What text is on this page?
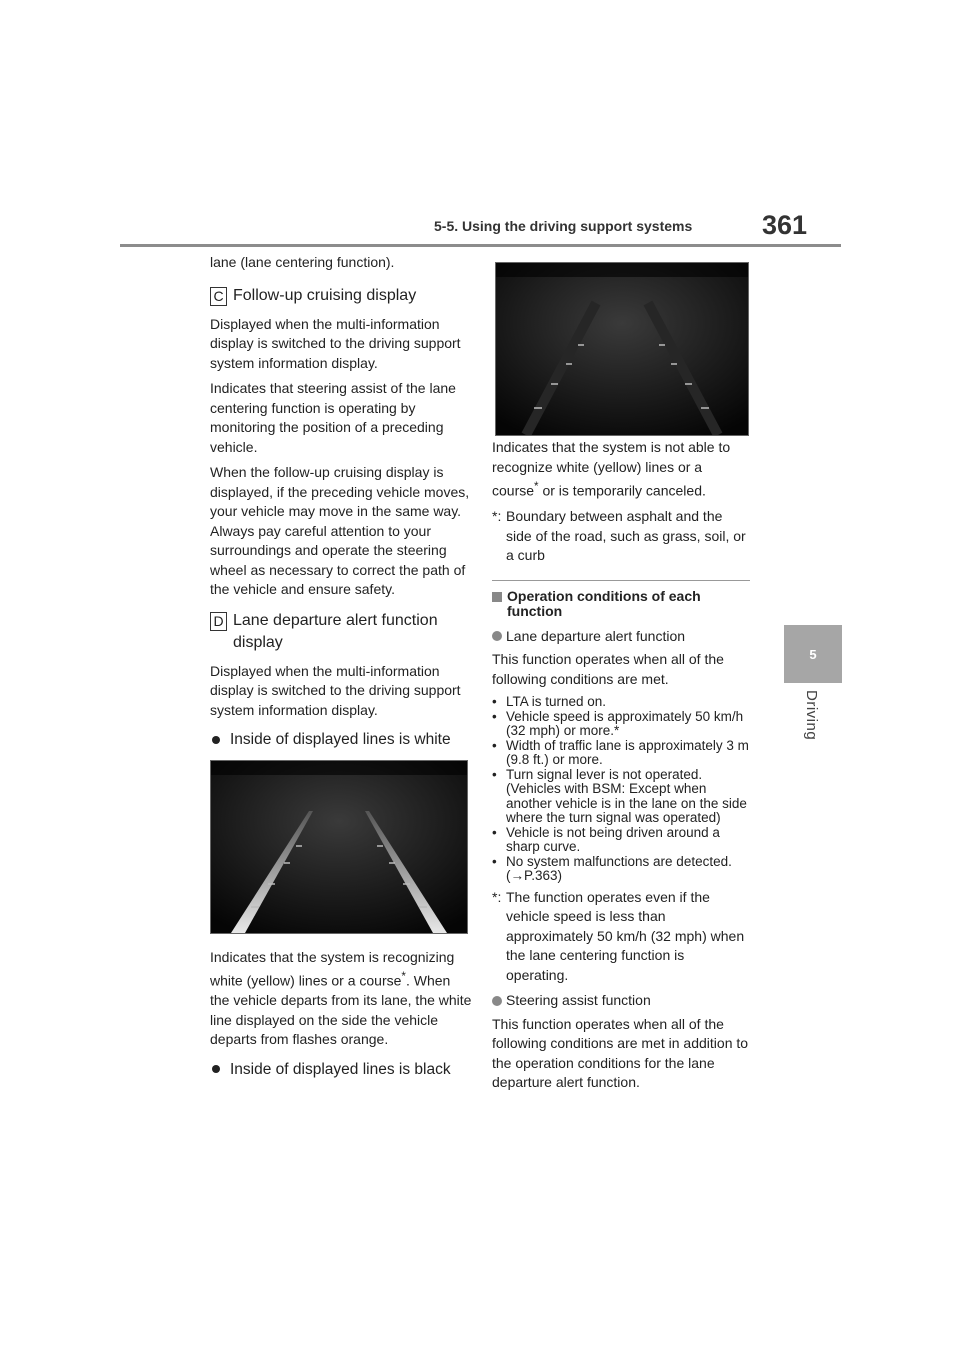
5-5. Using the driving support systems	361
5
Driving

lane (lane centering function).

C Follow-up cruising display

Displayed when the multi-information display is switched to the driving support system information display.

Indicates that steering assist of the lane centering function is operating by monitoring the position of a preceding vehicle.

When the follow-up cruising display is displayed, if the preceding vehicle moves, your vehicle may move in the same way. Always pay careful attention to your surroundings and operate the steering wheel as necessary to correct the path of the vehicle and ensure safety.

D Lane departure alert function display

Displayed when the multi-information display is switched to the driving support system information display.

Inside of displayed lines is white

Indicates that the system is recognizing white (yellow) lines or a course*. When the vehicle departs from its lane, the white line displayed on the side the vehicle departs from flashes orange.

Inside of displayed lines is black

Indicates that the system is not able to recognize white (yellow) lines or a course* or is temporarily canceled.

*: Boundary between asphalt and the side of the road, such as grass, soil, or a curb
Operation conditions of each function
Lane departure alert function

This function operates when all of the following conditions are met.

• LTA is turned on.
• Vehicle speed is approximately 50 km/h (32 mph) or more.*
• Width of traffic lane is approximately 3 m (9.8 ft.) or more.
• Turn signal lever is not operated. (Vehicles with BSM: Except when another vehicle is in the lane on the side where the turn signal was operated)
• Vehicle is not being driven around a sharp curve.
• No system malfunctions are detected. (→P.363)
*: The function operates even if the vehicle speed is less than approximately 50 km/h (32 mph) when the lane centering function is operating.
Steering assist function

This function operates when all of the following conditions are met in addition to the operation conditions for the lane departure alert function.
